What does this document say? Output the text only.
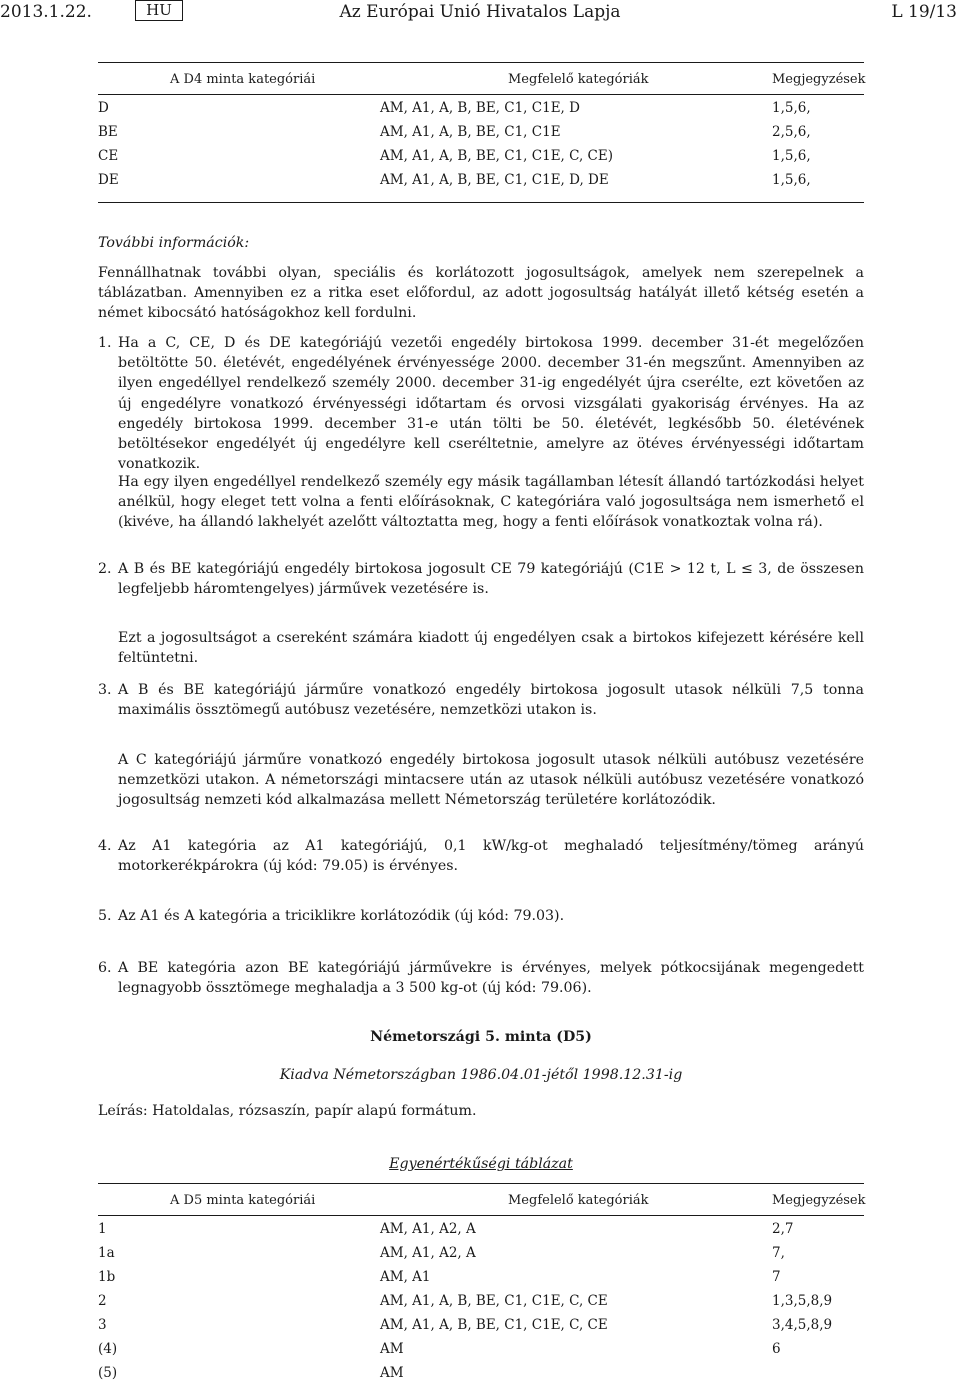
2013.1.22.	HU	Az Európai Unió Hivatalos Lapja	L 19/13
A D4 minta kategóriái	Megfelelő kategóriák	Megjegyzések
D	AM, A1, A, B, BE, C1, C1E, D	1,5,6,
BE	AM, A1, A, B, BE, C1, C1E	2,5,6,
CE	AM, A1, A, B, BE, C1, C1E, C, CE)	1,5,6,
DE	AM, A1, A, B, BE, C1, C1E, D, DE	1,5,6,

További információk:

Fennállhatnak további olyan, speciális és korlátozott jogosultságok, amelyek nem szerepelnek a táblázatban. Amennyiben ez a ritka eset előfordul, az adott jogosultság hatályát illető kétség esetén a német kibocsátó hatóságokhoz kell fordulni.

1. Ha a C, CE, D és DE kategóriájú vezetői engedély birtokosa 1999. december 31-ét megelőzően betöltötte 50. életévét, engedélyének érvényessége 2000. december 31-én megszűnt. Amennyiben az ilyen engedéllyel rendelkező személy 2000. december 31-ig engedélyét újra cserélte, ezt követően az új engedélyre vonatkozó érvényességi időtartam és orvosi vizsgálati gyakoriság érvényes. Ha az engedély birtokosa 1999. december 31-e után tölti be 50. életévét, legkésőbb 50. életévének betöltésekor engedélyét új engedélyre kell cseréltetnie, amelyre az ötéves érvényességi időtartam vonatkozik.

Ha egy ilyen engedéllyel rendelkező személy egy másik tagállamban létesít állandó tartózkodási helyet anélkül, hogy eleget tett volna a fenti előírásoknak, C kategóriára való jogosultsága nem ismerhető el (kivéve, ha állandó lakhelyét azelőtt változtatta meg, hogy a fenti előírások vonatkoztak volna rá).

2. A B és BE kategóriájú engedély birtokosa jogosult CE 79 kategóriájú (C1E > 12 t, L ≤ 3, de összesen legfeljebb háromtengelyes) járművek vezetésére is.

Ezt a jogosultságot a csereként számára kiadott új engedélyen csak a birtokos kifejezett kérésére kell feltüntetni.

3. A B és BE kategóriájú járműre vonatkozó engedély birtokosa jogosult utasok nélküli 7,5 tonna maximális össztömegű autóbusz vezetésére, nemzetközi utakon is.

A C kategóriájú járműre vonatkozó engedély birtokosa jogosult utasok nélküli autóbusz vezetésére nemzetközi utakon. A németországi mintacsere után az utasok nélküli autóbusz vezetésére vonatkozó jogosultság nemzeti kód alkalmazása mellett Németország területére korlátozódik.

4. Az A1 kategória az A1 kategóriájú, 0,1 kW/kg-ot meghaladó teljesítmény/tömeg arányú motorkerékpárokra (új kód: 79.05) is érvényes.

5. Az A1 és A kategória a triciklikre korlátozódik (új kód: 79.03).

6. A BE kategória azon BE kategóriájú járművekre is érvényes, melyek pótkocsijának megengedett legnagyobb össztömege meghaladja a 3 500 kg-ot (új kód: 79.06).

Németországi 5. minta (D5)

Kiadva Németországban 1986.04.01-jétől 1998.12.31-ig

Leírás: Hatoldalas, rózsaszín, papír alapú formátum.

Egyenértékűségi táblázat

A D5 minta kategóriái	Megfelelő kategóriák	Megjegyzések
1	AM, A1, A2, A	2,7
1a	AM, A1, A2, A	7,
1b	AM, A1	7
2	AM, A1, A, B, BE, C1, C1E, C, CE	1,3,5,8,9
3	AM, A1, A, B, BE, C1, C1E, C, CE	3,4,5,8,9
(4)	AM	6
(5)	AM
